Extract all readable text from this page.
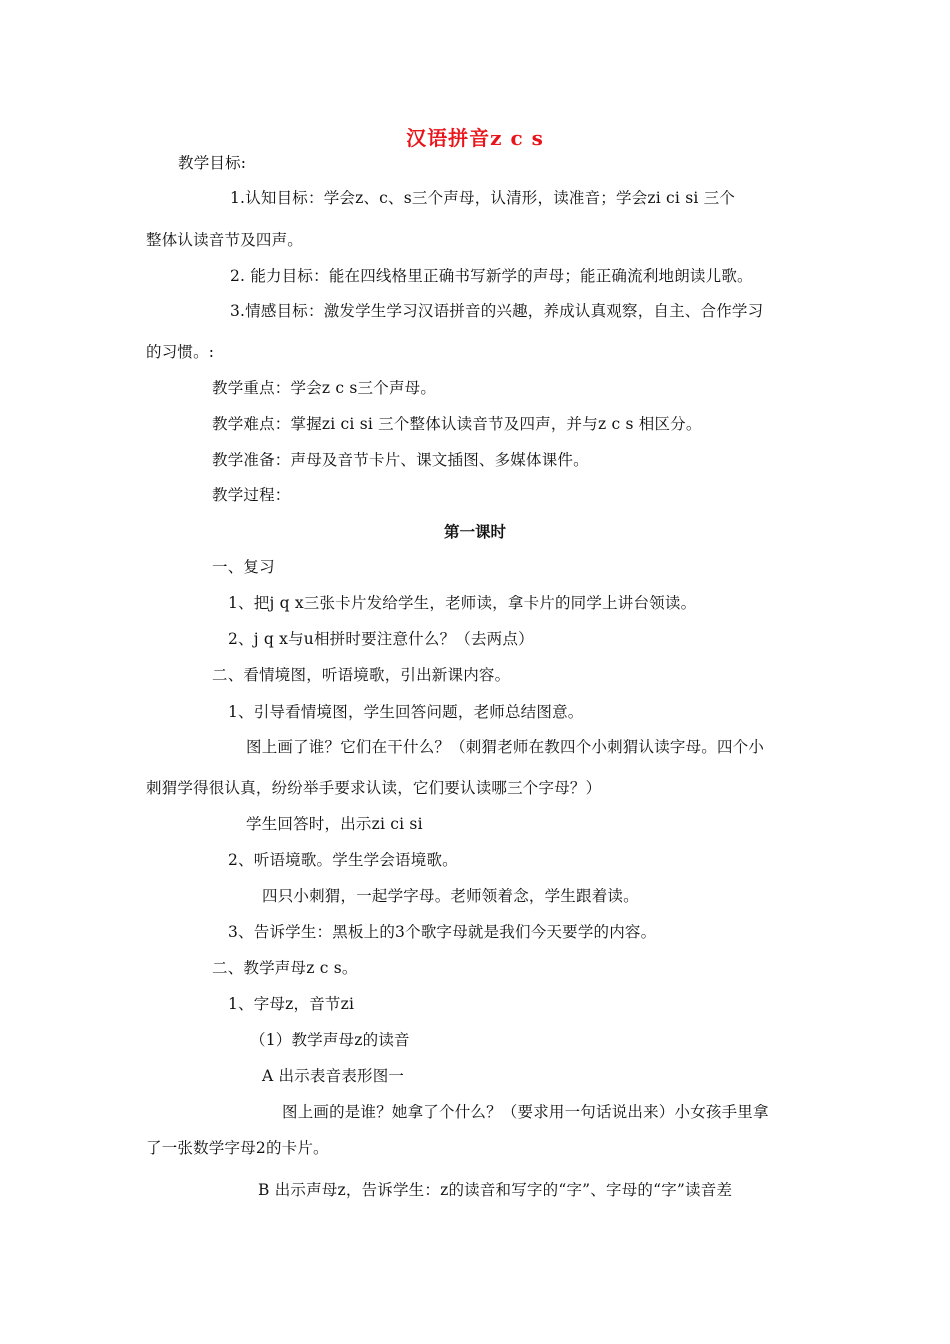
汉语拼音z c s
教学目标:
1.认知目标：学会z、c、s三个声母，认清形，读准音；学会zi ci si 三个
整体认读音节及四声。
2. 能力目标：能在四线格里正确书写新学的声母；能正确流利地朗读儿歌。
3.情感目标：激发学生学习汉语拼音的兴趣，养成认真观察，自主、合作学习
的习惯。:
教学重点：学会z c s三个声母。
教学难点：掌握zi ci si 三个整体认读音节及四声，并与z c s 相区分。
教学准备：声母及音节卡片、课文插图、多媒体课件。
教学过程：
第一课时
一、复习
1、把j q x三张卡片发给学生，老师读，拿卡片的同学上讲台领读。
2、j q x与u相拼时要注意什么？（去两点）
二、看情境图，听语境歌，引出新课内容。
1、引导看情境图，学生回答问题，老师总结图意。
图上画了谁？它们在干什么？（刺猬老师在教四个小刺猬认读字母。四个小
刺猬学得很认真，纷纷举手要求认读，它们要认读哪三个字母？）
学生回答时，出示zi ci si
2、听语境歌。学生学会语境歌。
四只小刺猬，一起学字母。老师领着念，学生跟着读。
3、告诉学生：黑板上的3个歌字母就是我们今天要学的内容。
二、教学声母z c s。
1、字母z，音节zi
（1）教学声母z的读音
A 出示表音表形图一
图上画的是谁？她拿了个什么？（要求用一句话说出来）小女孩手里拿
了一张数学字母2的卡片。
B 出示声母z，告诉学生：z的读音和写字的“字”、字母的“字”读音差
